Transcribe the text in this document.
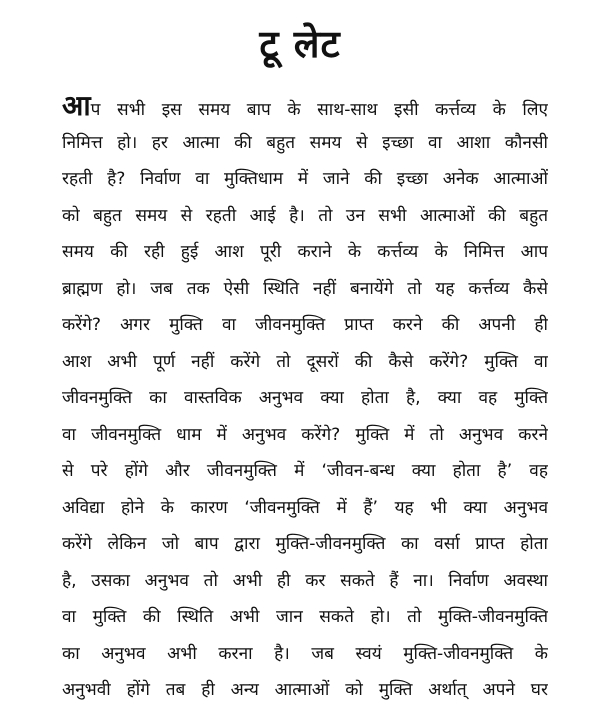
टू लेट
आप सभी इस समय बाप के साथ-साथ इसी कर्त्तव्य के लिए
निमित्त हो। हर आत्मा की बहुत समय से इच्छा वा आशा कौनसी
रहती है? निर्वाण वा मुक्तिधाम में जाने की इच्छा अनेक आत्माओं
को बहुत समय से रहती आई है। तो उन सभी आत्माओं की बहुत
समय की रही हुई आश पूरी कराने के कर्त्तव्य के निमित्त आप
ब्राह्मण हो। जब तक ऐसी स्थिति नहीं बनायेंगे तो यह कर्त्तव्य कैसे
करेंगे? अगर मुक्ति वा जीवनमुक्ति प्राप्त करने की अपनी ही
आश अभी पूर्ण नहीं करेंगे तो दूसरों की कैसे करेंगे? मुक्ति वा
जीवनमुक्ति का वास्तविक अनुभव क्या होता है, क्या वह मुक्ति
वा जीवनमुक्ति धाम में अनुभव करेंगे? मुक्ति में तो अनुभव करने
से परे होंगे और जीवनमुक्ति में ‘जीवन-बन्ध क्या होता है’ वह
अविद्या होने के कारण ‘जीवनमुक्ति में हैं’ यह भी क्या अनुभव
करेंगे लेकिन जो बाप द्वारा मुक्ति-जीवनमुक्ति का वर्सा प्राप्त होता
है, उसका अनुभव तो अभी ही कर सकते हैं ना। निर्वाण अवस्था
वा मुक्ति की स्थिति अभी जान सकते हो। तो मुक्ति-जीवनमुक्ति
का अनुभव अभी करना है। जब स्वयं मुक्ति-जीवनमुक्ति के
अनुभवी होंगे तब ही अन्य आत्माओं को मुक्ति अर्थात् अपने घर
